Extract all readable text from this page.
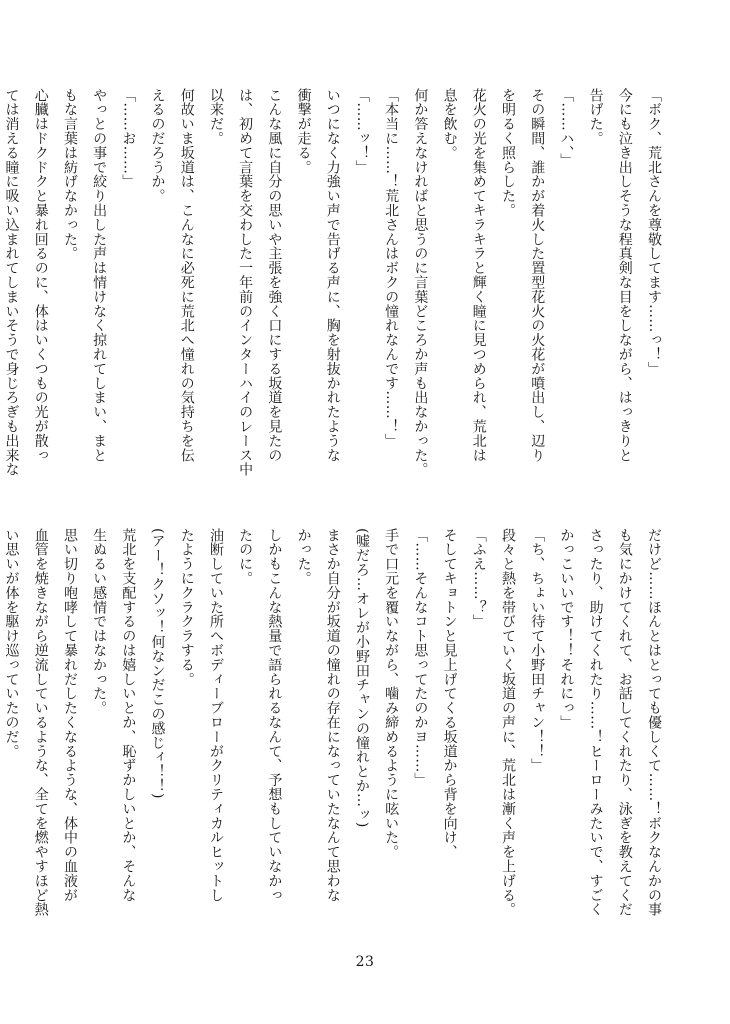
「ボク、荒北さんを尊敬してます……っ！」
今にも泣き出しそうな程真剣な目をしながら、はっきりと
告げた。
「……ハ、」
その瞬間、誰かが着火した置型花火の火花が噴出し、辺り
を明るく照らした。
花火の光を集めてキラキラと輝く瞳に見つめられ、荒北は
息を飲む。
何か答えなければと思うのに言葉どころか声も出なかった。
「本当に……！荒北さんはボクの憧れなんです……！」
「……ッ！」
いつになく力強い声で告げる声に、胸を射抜かれたような
衝撃が走る。
こんな風に自分の思いや主張を強く口にする坂道を見たの
は、初めて言葉を交わした一年前のインターハイのレース中
以来だ。
何故いま坂道は、こんなに必死に荒北へ憧れの気持ちを伝
えるのだろうか。
「……お……」
やっとの事で絞り出した声は情けなく掠れてしまい、まと
もな言葉は紡げなかった。
心臓はドクドクと暴れ回るのに、体はいくつもの光が散っ
ては消える瞳に吸い込まれてしまいそうで身じろぎも出来な
だけど……ほんとはとっても優しくて……！ボクなんかの事
も気にかけてくれて、お話してくれたり、泳ぎを教えてくだ
さったり、助けてくれたり……！ヒーローみたいで、すごく
かっこいいです！！それにっ」
「ち、ちょい待て小野田チャン！！」
段々と熱を帯びていく坂道の声に、荒北は漸く声を上げる。
「ふえ……？」
そしてキョトンと見上げてくる坂道から背を向け、
「……そんなコト思ってたのかヨ……」
手で口元を覆いながら、噛み締めるように呟いた。
(嘘だろ…オレが小野田チャンの憧れとか…ッ)
まさか自分が坂道の憧れの存在になっていたなんて思わな
かった。
しかもこんな熱量で語られるなんて、予想もしていなかっ
たのに。
油断していた所へボディーブローがクリティカルヒットし
たようにクラクラする。
(アー！クソッ！何なンだこの感じィ！！)
荒北を支配するのは嬉しいとか、恥ずかしいとか、そんな
生ぬるい感情ではなかった。
思い切り咆哮して暴れだしたくなるような、体中の血液が
血管を焼きながら逆流しているような、全てを燃やすほど熱
い思いが体を駆け巡っていたのだ。
23
